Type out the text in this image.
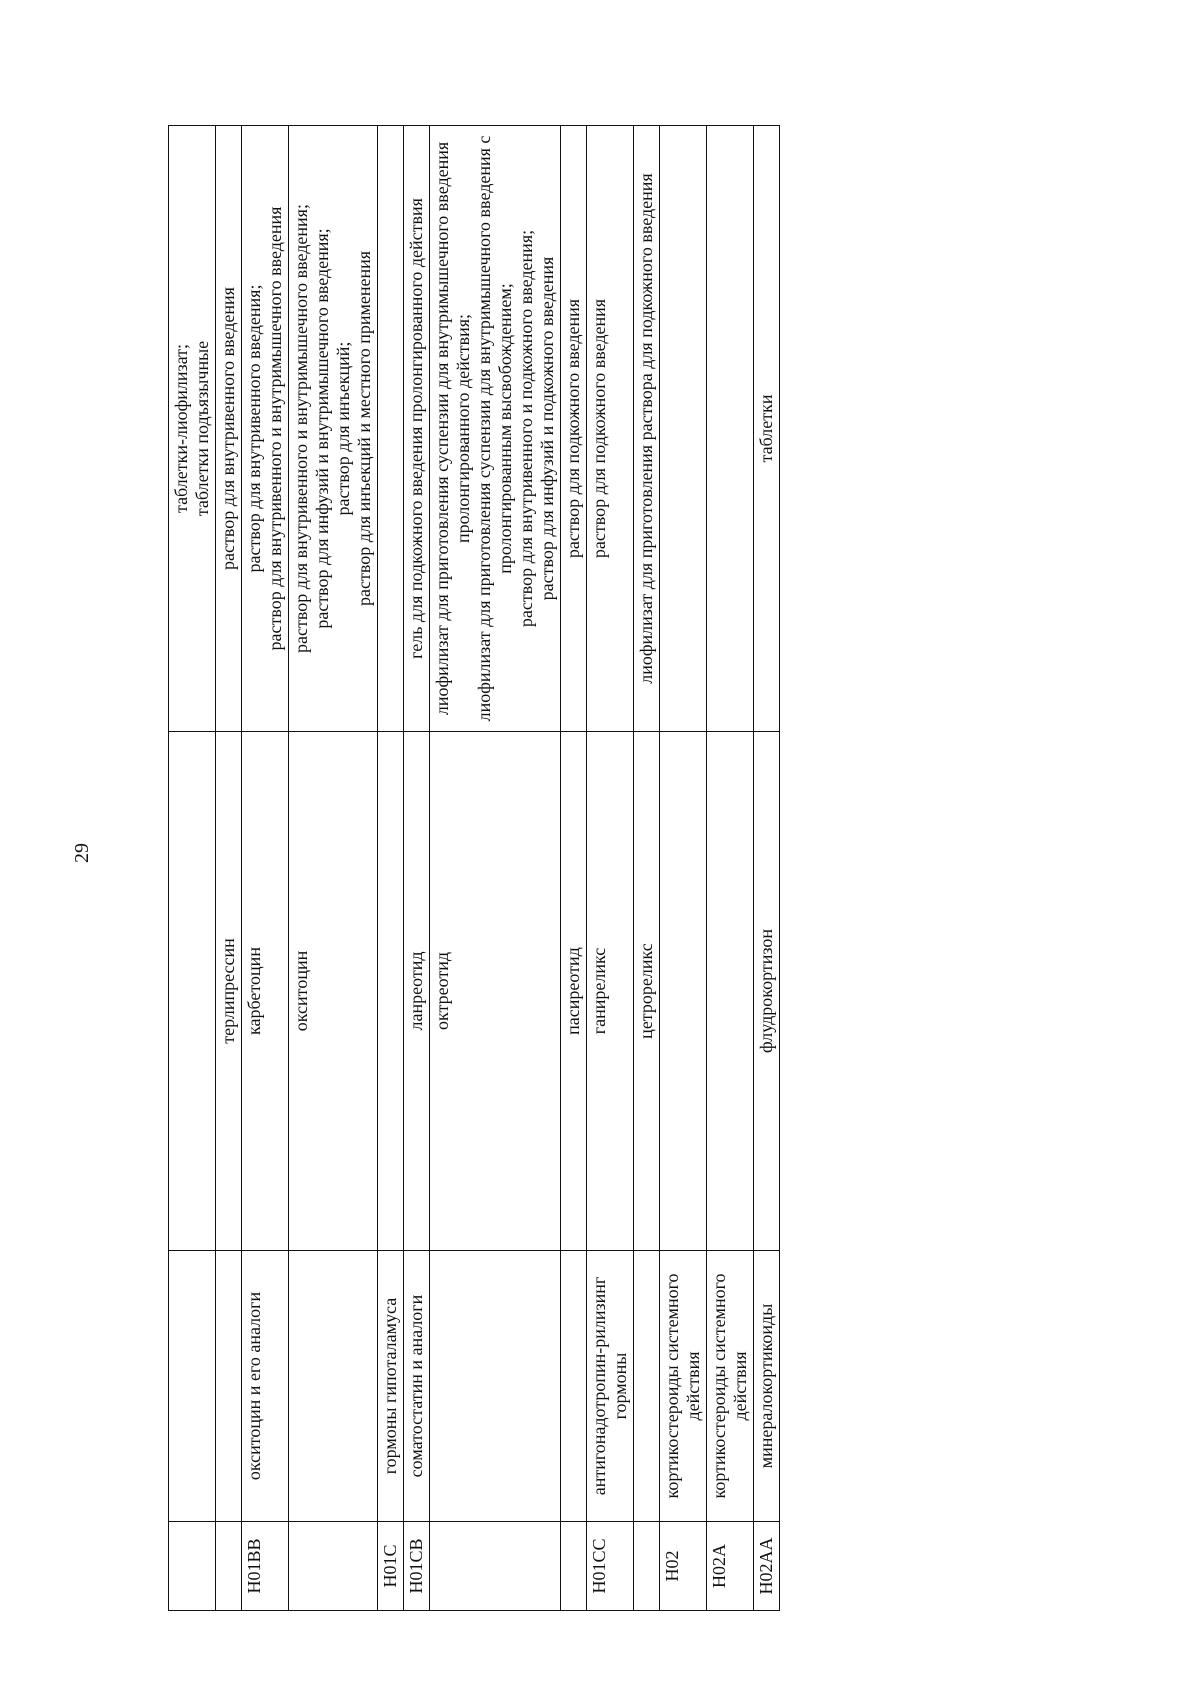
29

			таблетки-лиофилизат; таблетки подъязычные

		терлипрессин	раствор для внутривенного введения

H01BB	окситоцин и его аналоги	карбетоцин	раствор для внутривенного введения; раствор для внутривенного и внутримышечного введения

		окситоцин	раствор для внутривенного и внутримышечного введения; раствор для инфузий и внутримышечного введения; раствор для инъекций; раствор для инъекций и местного применения

H01C	гормоны гипоталамуса		

H01CB	соматостатин и аналоги	ланреотид	гель для подкожного введения пролонгированного действия

		октреотид	лиофилизат для приготовления суспензии для внутримышечного введения пролонгированного действия; лиофилизат для приготовления суспензии для внутримышечного введения с пролонгированным высвобождением; раствор для внутривенного и подкожного введения; раствор для инфузий и подкожного введения

		пасиреотид	раствор для подкожного введения

H01CC	антигонадотропин-рилизинг гормоны	ганиреликс	раствор для подкожного введения

		цетрореликс	лиофилизат для приготовления раствора для подкожного введения

H02	кортикостероиды системного действия		

H02A	кортикостероиды системного действия		

H02AA	минералокортикоиды	флудрокортизон	таблетки
